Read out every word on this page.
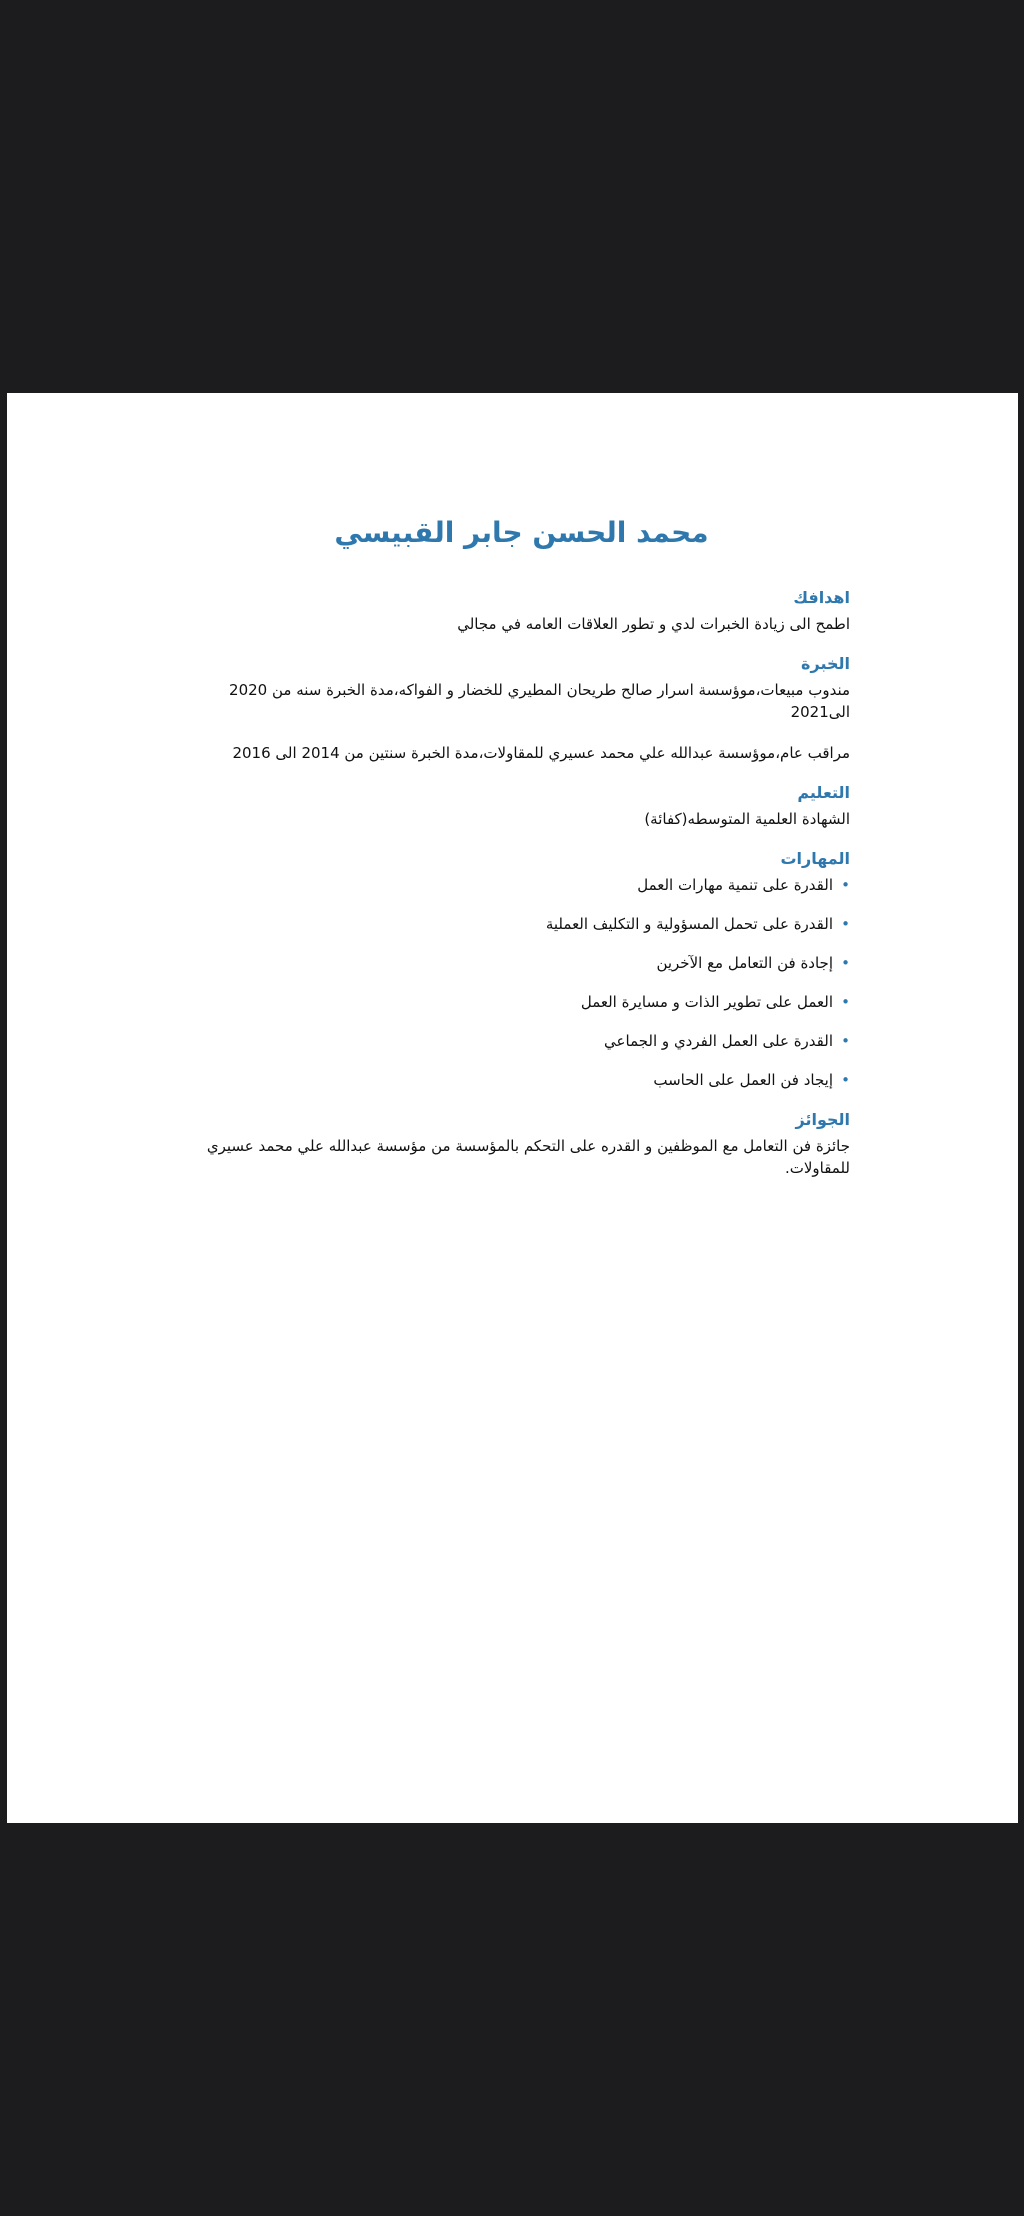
محمد الحسن جابر القبيسي
اهدافك

اطمح الى زيادة الخبرات لدي و تطور العلاقات العامه في مجالي

الخبرة

مندوب مبيعات،موؤسسة اسرار صالح طريحان المطيري للخضار و الفواكه،مدة الخبرة سنه من 2020 الى2021

مراقب عام،موؤسسة عبدالله علي محمد عسيري للمقاولات،مدة الخبرة سنتين من 2014 الى 2016

التعليم

الشهادة العلمية المتوسطه(كفائة)

المهارات
•
القدرة على تنمية مهارات العمل
•
القدرة على تحمل المسؤولية و التكليف العملية
•
إجادة فن التعامل مع الآخرين
•
العمل على تطوير الذات و مسايرة العمل
•
القدرة على العمل الفردي و الجماعي
•
إيجاد فن العمل على الحاسب
الجوائز

جائزة فن التعامل مع الموظفين و القدره على التحكم بالمؤسسة من مؤسسة عبدالله علي محمد عسيري للمقاولات.
